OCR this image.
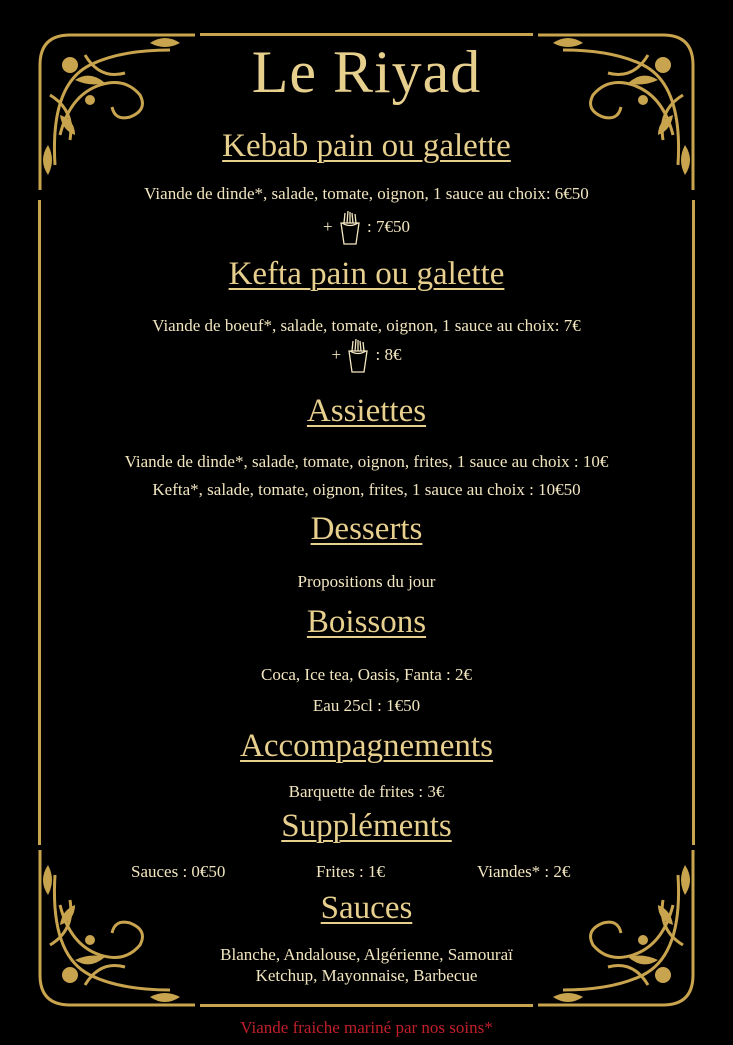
Le Riyad
Kebab pain ou galette
Viande de dinde*, salade, tomate, oignon, 1 sauce au choix: 6€50
+ : 7€50
Kefta pain ou galette
Viande de boeuf*, salade, tomate, oignon, 1 sauce au choix: 7€
+ : 8€
Assiettes
Viande de dinde*, salade, tomate, oignon, frites, 1 sauce au choix : 10€
Kefta*, salade, tomate, oignon, frites, 1 sauce au choix : 10€50
Desserts
Propositions du jour
Boissons
Coca, Ice tea, Oasis, Fanta : 2€
Eau 25cl : 1€50
Accompagnements
Barquette de frites : 3€
Suppléments
Sauces : 0€50	Frites : 1€	Viandes* : 2€
Sauces
Blanche, Andalouse, Algérienne, Samouraï
Ketchup, Mayonnaise, Barbecue
Viande fraiche mariné par nos soins*
